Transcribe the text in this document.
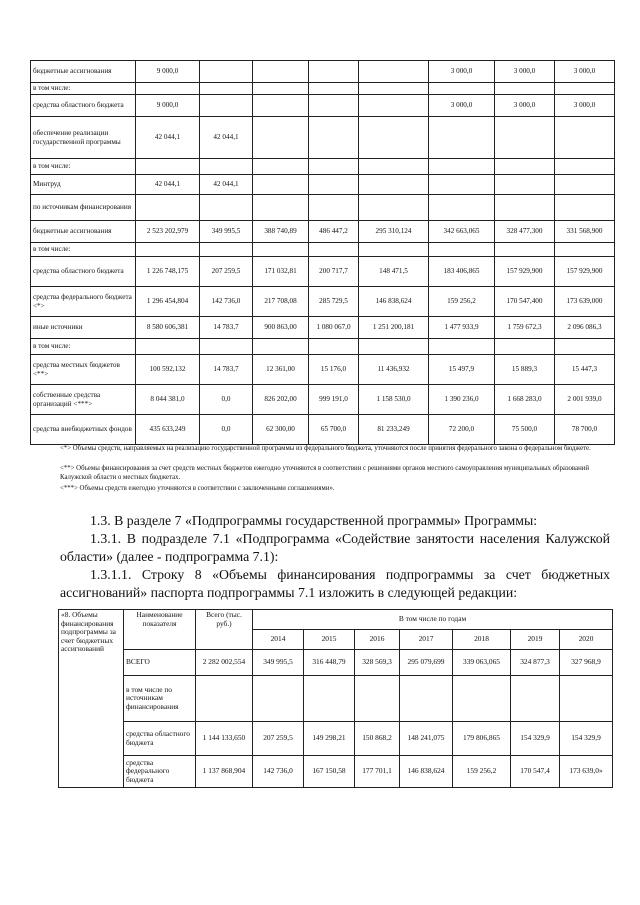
бюджетные ассигнования	9 000,0					3 000,0	3 000,0	3 000,0
в том числе:								
средства областного бюджета	9 000,0					3 000,0	3 000,0	3 000,0
обеспечение реализации государственной программы	42 044,1	42 044,1						
в том числе:								
Минтруд	42 044,1	42 044,1						
по источникам финансирования								
бюджетные ассигнования	2 523 202,979	349 995,5	388 740,89	486 447,2	295 310,124	342 663,065	328 477,300	331 568,900
в том числе:								
средства областного бюджета	1 226 748,175	207 259,5	171 032,81	200 717,7	148 471,5	183 406,865	157 929,900	157 929,900
средства федерального бюджета <*>	1 296 454,804	142 736,0	217 708,08	285 729,5	146 838,624	159 256,2	170 547,400	173 639,000
иные источники	8 580 606,381	14 783,7	900 863,00	1 080 067,0	1 251 200,181	1 477 933,9	1 759 672,3	2 096 086,3
в том числе:								
средства местных бюджетов <**>	100 592,132	14 783,7	12 361,00	15 176,0	11 436,932	15 497,9	15 889,3	15 447,3
собственные средства организаций <***>	8 044 381,0	0,0	826 202,00	999 191,0	1 158 530,0	1 390 236,0	1 668 283,0	2 001 939,0
средства внебюджетных фондов	435 633,249	0,0	62 300,00	65 700,0	81 233,249	72 200,0	75 500,0	78 700,0
<*> Объемы средств, направляемых на реализацию государственной программы из федерального бюджета, уточняются после принятия федерального закона о федеральном бюджете.
<**> Объемы финансирования за счет средств местных бюджетов ежегодно уточняются в соответствии с решениями органов местного самоуправления муниципальных образований Калужской области о местных бюджетах.
<***> Объемы средств ежегодно уточняются в соответствии с заключенными соглашениями».
1.3. В разделе 7 «Подпрограммы государственной программы» Программы:
1.3.1. В подразделе 7.1 «Подпрограмма «Содействие занятости населения Калужской
области» (далее - подпрограмма 7.1):
1.3.1.1. Строку 8 «Объемы финансирования подпрограммы за счет бюджетных
ассигнований» паспорта подпрограммы 7.1 изложить в следующей редакции:
«8. Объемы финансирования подпрограммы за счет бюджетных ассигнований	Наименование показателя	Всего (тыс. руб.)	В том числе по годам						
			2014	2015	2016	2017	2018	2019	2020
	ВСЕГО	2 282 002,554	349 995,5	316 448,79	328 569,3	295 079,699	339 063,065	324 877,3	327 968,9
	в том числе по источникам финансирования								
	средства областного бюджета	1 144 133,650	207 259,5	149 298,21	150 868,2	148 241,075	179 806,865	154 329,9	154 329,9
	средства федерального бюджета	1 137 868,904	142 736,0	167 150,58	177 701,1	146 838,624	159 256,2	170 547,4	173 639,0»
